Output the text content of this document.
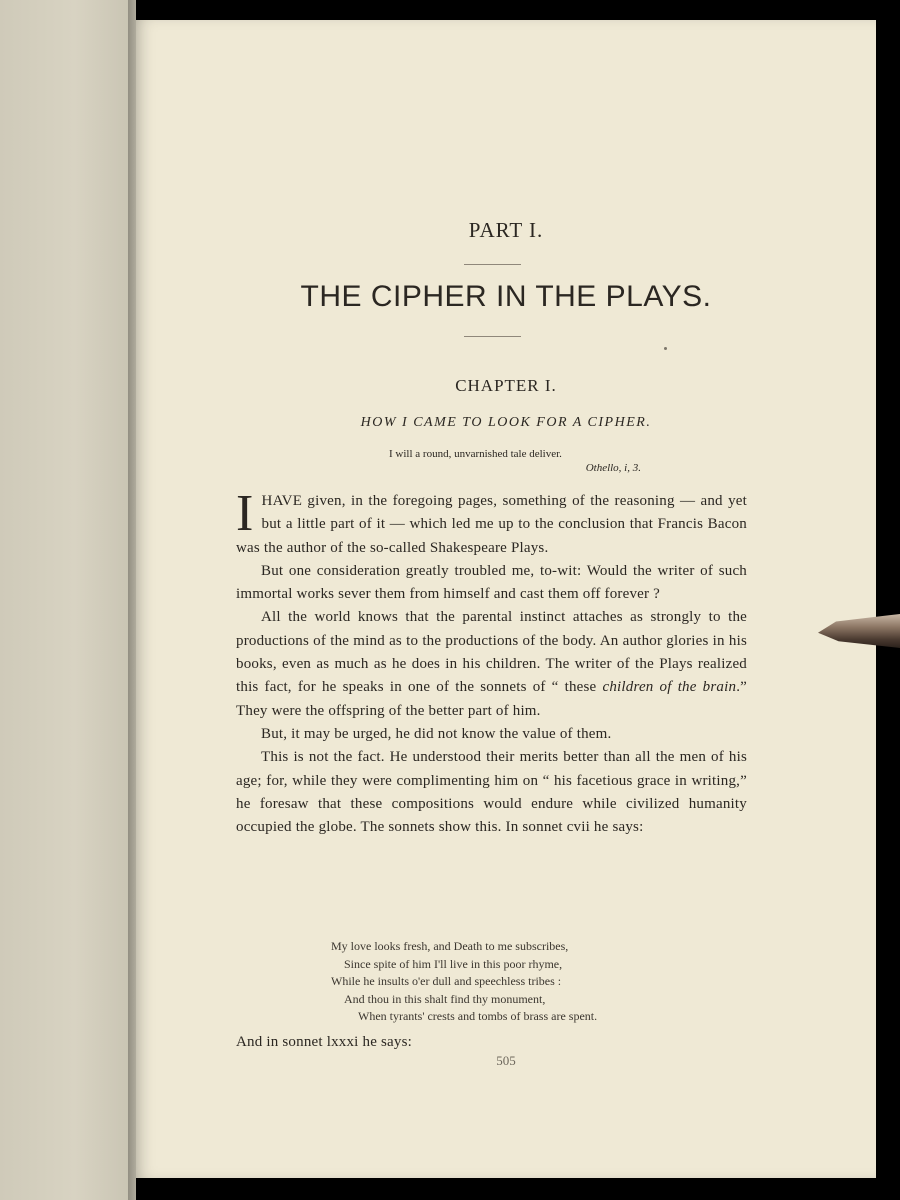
PART I.
THE CIPHER IN THE PLAYS.
CHAPTER I.
HOW I CAME TO LOOK FOR A CIPHER.
I will a round, unvarnished tale deliver.
Othello, i, 3.

IHAVE given, in the foregoing pages, something of the reasoning — and yet but a little part of it — which led me up to the conclusion that Francis Bacon was the author of the so-called Shakespeare Plays.

But one consideration greatly troubled me, to-wit: Would the writer of such immortal works sever them from himself and cast them off forever ?

All the world knows that the parental instinct attaches as strongly to the productions of the mind as to the productions of the body. An author glories in his books, even as much as he does in his children. The writer of the Plays realized this fact, for he speaks in one of the sonnets of “ these children of the brain.” They were the offspring of the better part of him.

But, it may be urged, he did not know the value of them.

This is not the fact. He understood their merits better than all the men of his age; for, while they were complimenting him on “ his facetious grace in writing,” he foresaw that these compositions would endure while civilized humanity occupied the globe. The sonnets show this. In sonnet cvii he says:

My love looks fresh, and Death to me subscribes,
Since spite of him I'll live in this poor rhyme,
While he insults o'er dull and speechless tribes :
And thou in this shalt find thy monument,
When tyrants' crests and tombs of brass are spent.
And in sonnet lxxxi he says:
505
